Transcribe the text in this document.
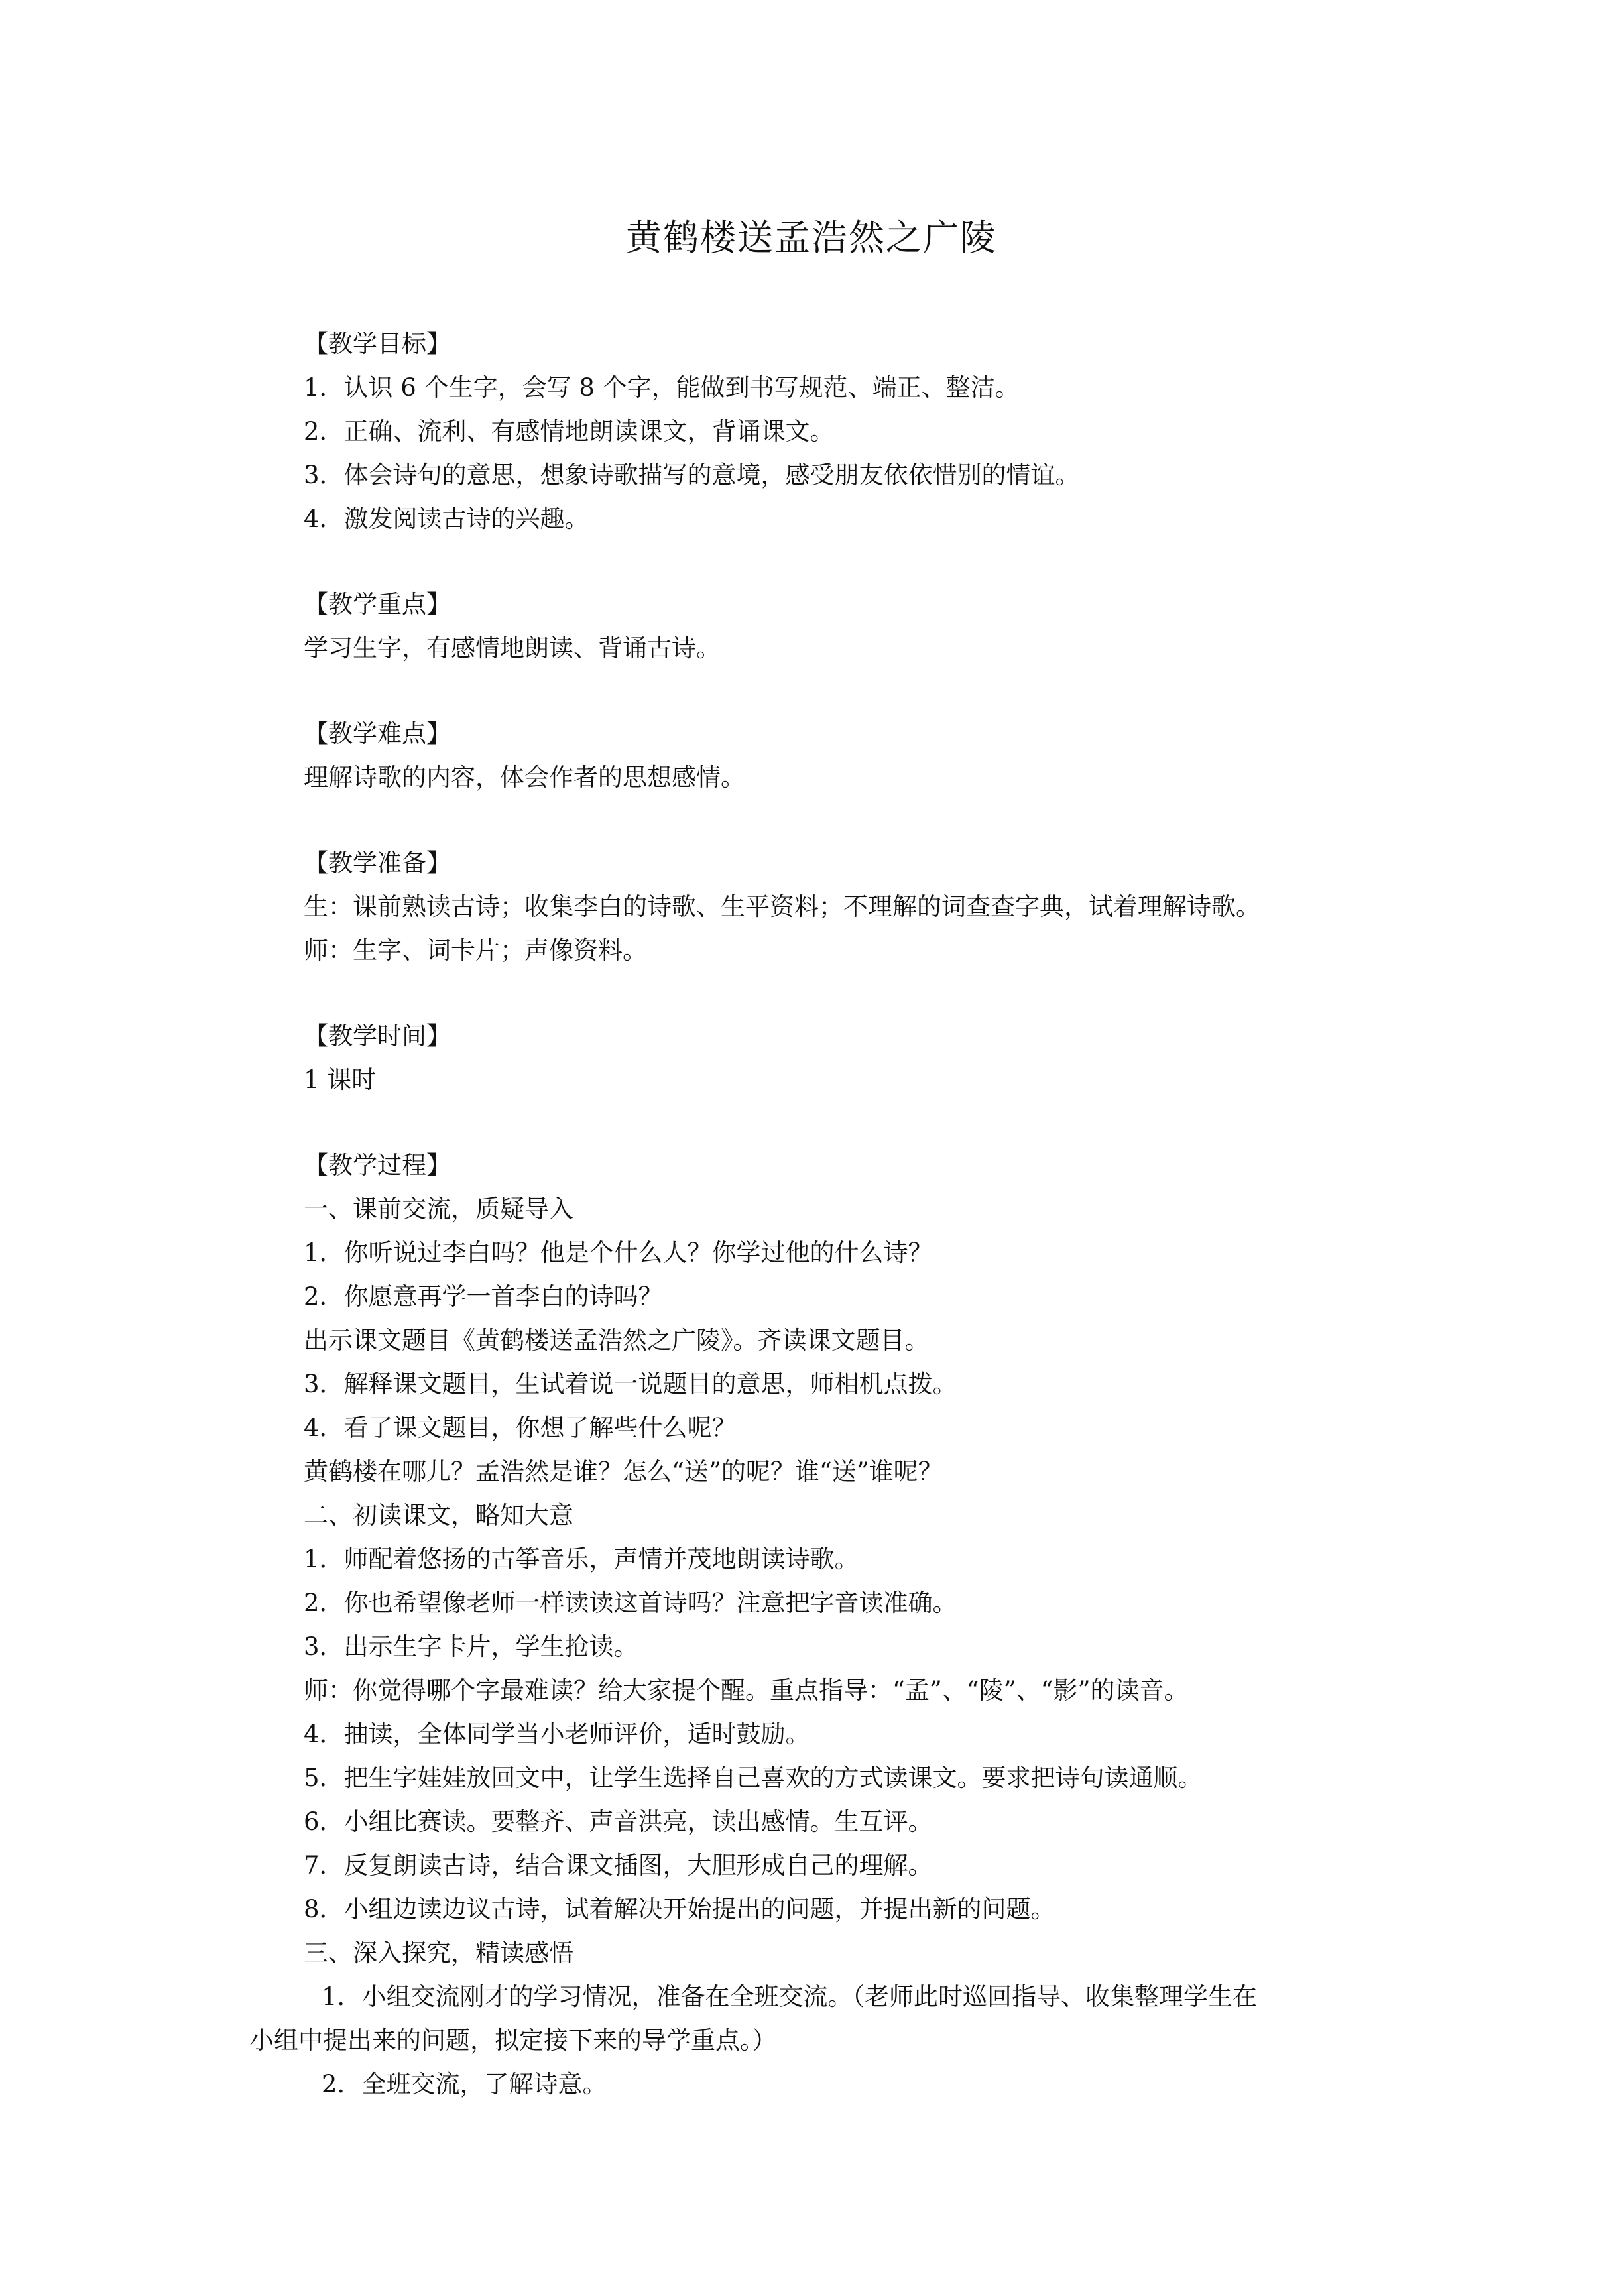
黄鹤楼送孟浩然之广陵

【教学目标】

1．认识 6 个生字，会写 8 个字，能做到书写规范、端正、整洁。

2．正确、流利、有感情地朗读课文，背诵课文。

3．体会诗句的意思，想象诗歌描写的意境，感受朋友依依惜别的情谊。

4．激发阅读古诗的兴趣。

【教学重点】

学习生字，有感情地朗读、背诵古诗。

【教学难点】

理解诗歌的内容，体会作者的思想感情。

【教学准备】

生：课前熟读古诗；收集李白的诗歌、生平资料；不理解的词查查字典，试着理解诗歌。

师：生字、词卡片；声像资料。

【教学时间】

1 课时

【教学过程】

一、课前交流，质疑导入

1．你听说过李白吗？他是个什么人？你学过他的什么诗？

2．你愿意再学一首李白的诗吗？

出示课文题目《黄鹤楼送孟浩然之广陵》。齐读课文题目。

3．解释课文题目，生试着说一说题目的意思，师相机点拨。

4．看了课文题目，你想了解些什么呢？

黄鹤楼在哪儿？孟浩然是谁？怎么“送”的呢？谁“送”谁呢？

二、初读课文，略知大意

1．师配着悠扬的古筝音乐，声情并茂地朗读诗歌。

2．你也希望像老师一样读读这首诗吗？注意把字音读准确。

3．出示生字卡片，学生抢读。

师：你觉得哪个字最难读？给大家提个醒。重点指导：“孟”、“陵”、“影”的读音。

4．抽读，全体同学当小老师评价，适时鼓励。

5．把生字娃娃放回文中，让学生选择自己喜欢的方式读课文。要求把诗句读通顺。

6．小组比赛读。要整齐、声音洪亮，读出感情。生互评。

7．反复朗读古诗，结合课文插图，大胆形成自己的理解。

8．小组边读边议古诗，试着解决开始提出的问题，并提出新的问题。

三、深入探究，精读感悟

1．小组交流刚才的学习情况，准备在全班交流。（老师此时巡回指导、收集整理学生在

小组中提出来的问题，拟定接下来的导学重点。）

2．全班交流，了解诗意。
